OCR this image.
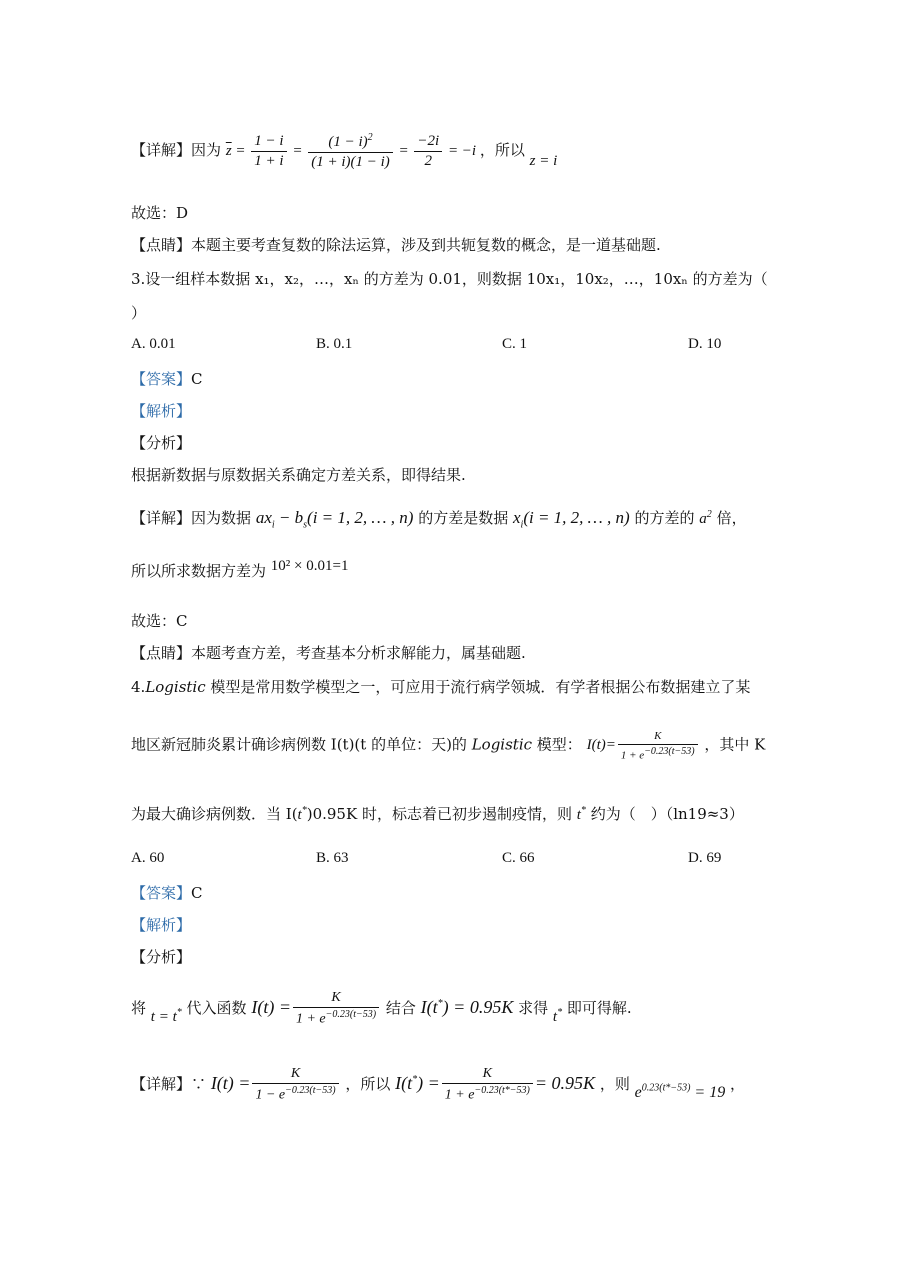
【详解】因为 $\overline{z} = \frac{1 - i}{1 + i} = \frac{(1 - i)^2}{(1 + i)(1 - i)} = \frac{-2i}{2} = -i$ ，所以 z = i
故选：D
【点睛】本题主要考查复数的除法运算，涉及到共轭复数的概念，是一道基础题.
3.设一组样本数据 x₁，x₂，…，xₙ 的方差为 0.01，则数据 10x₁，10x₂，…，10xₙ 的方差为（
）
A. 0.01	B. 0.1	C. 1	D. 10
【答案】C
【解析】
【分析】
根据新数据与原数据关系确定方差关系，即得结果.
【详解】因为数据 $ax_i - b_s(i = 1$, 2, … , n) 的方差是数据 $x_i(i = 1$, 2, … , n) 的方差的 $a^2$ 倍，
所以所求数据方差为 10² × 0.01=1
故选：C
【点睛】本题考查方差，考查基本分析求解能力，属基础题.
4.Logistic 模型是常用数学模型之一，可应用于流行病学领城．有学者根据公布数据建立了某
地区新冠肺炎累计确诊病例数 I(t)(t 的单位：天)的 Logistic 模型： $I(t)= \frac{K}{1 + e^{-0.23(t-53)}}$ ，其中 K
为最大确诊病例数．当 I(t*)0.95K 时，标志着已初步遏制疫情，则 t* 约为（　）（ln19≈3）
A. 60	B. 63	C. 66	D. 69
【答案】C
【解析】
【分析】
将 t = t* 代入函数 $I(t) = \frac{K}{1 + e^{-0.23(t-53)}}$ 结合 I(t*) = 0.95K 求得 t* 即可得解.
【详解】∵ $I(t) = \frac{K}{1 - e^{-0.23(t-53)}}$ ，所以 $I(t^*) = \frac{K}{1 + e^{-0.23(t*-53)}} = 0.95K$ ，则 $e^{0.23(t*-53)} = 19$ ，
